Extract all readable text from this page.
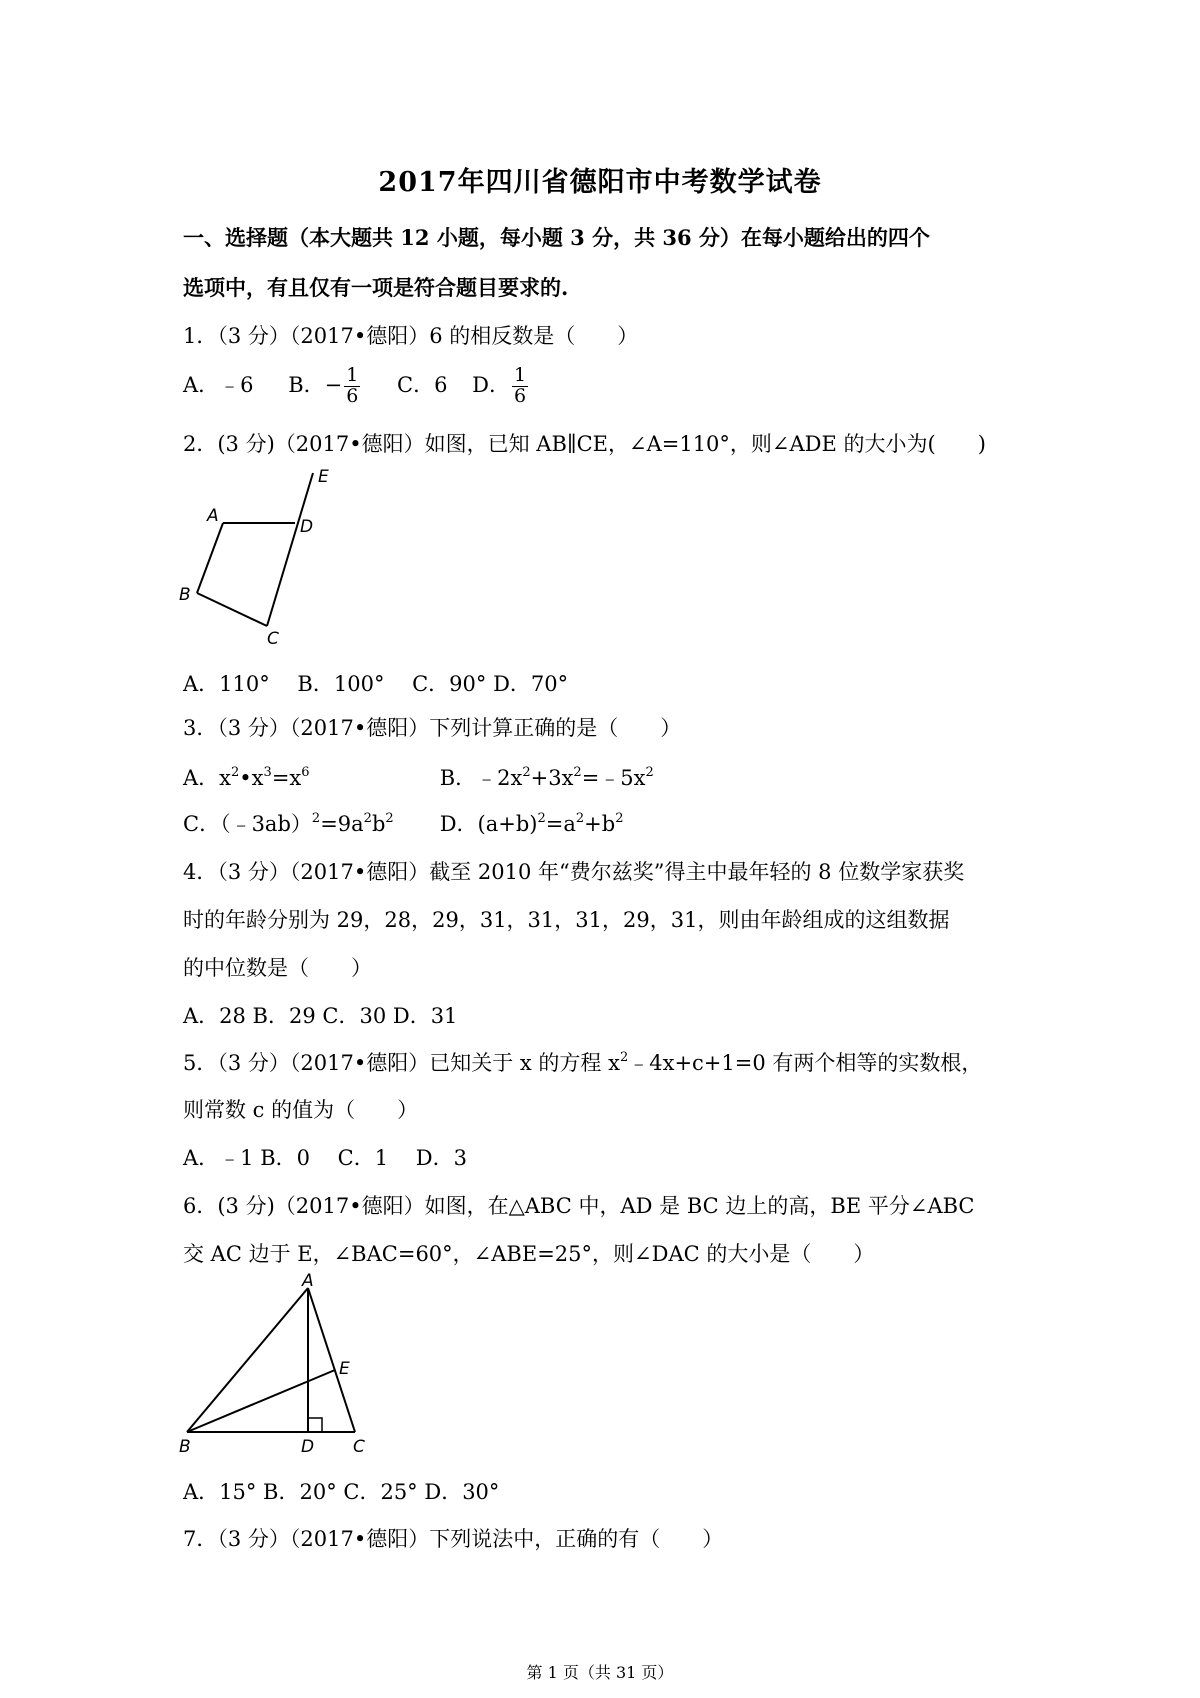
2017年四川省德阳市中考数学试卷
一、选择题（本大题共 12 小题，每小题 3 分，共 36 分）在每小题给出的四个
选项中，有且仅有一项是符合题目要求的.
1．（3 分）（2017•德阳）6 的相反数是（　　）
A．﹣6 B．− $\frac{1}{6}$ C．6 D． $\frac{1}{6}$
2．(3 分)（2017•德阳）如图，已知 AB∥CE，∠A=110°，则∠ADE 的大小为(　　)
E
A
D
B
C
A．110°　 B．100°　 C．90° D．70°
3．（3 分）（2017•德阳）下列计算正确的是（　　）
A．$x^2•x^3=x^6$	B．$﹣2x^2+3x^2=﹣5x^2$
C．$(﹣3ab)^2=9a^2b^2$ D．$(a+b)^2=a^2+b^2$
4．（3 分）（2017•德阳）截至 2010 年“费尔兹奖”得主中最年轻的 8 位数学家获奖
时的年龄分别为 29，28，29，31，31，31，29，31，则由年龄组成的这组数据
的中位数是（　　）
A．28 B．29 C．30 D．31
5．（3 分）（2017•德阳）已知关于 x 的方程 $x^2﹣4x+c+1=0$ 有两个相等的实数根，
则常数 c 的值为（　　）
A．﹣1 B．0　 C．1　 D．3
6．(3 分)（2017•德阳）如图，在△ABC 中，AD 是 BC 边上的高，BE 平分∠ABC
交 AC 边于 E，∠BAC=60°，∠ABE=25°，则∠DAC 的大小是（　　）
A
E
B	D C
A．15° B．20° C．25° D．30°
7．（3 分）（2017•德阳）下列说法中，正确的有（　　）
第 1 页（共 31 页）
